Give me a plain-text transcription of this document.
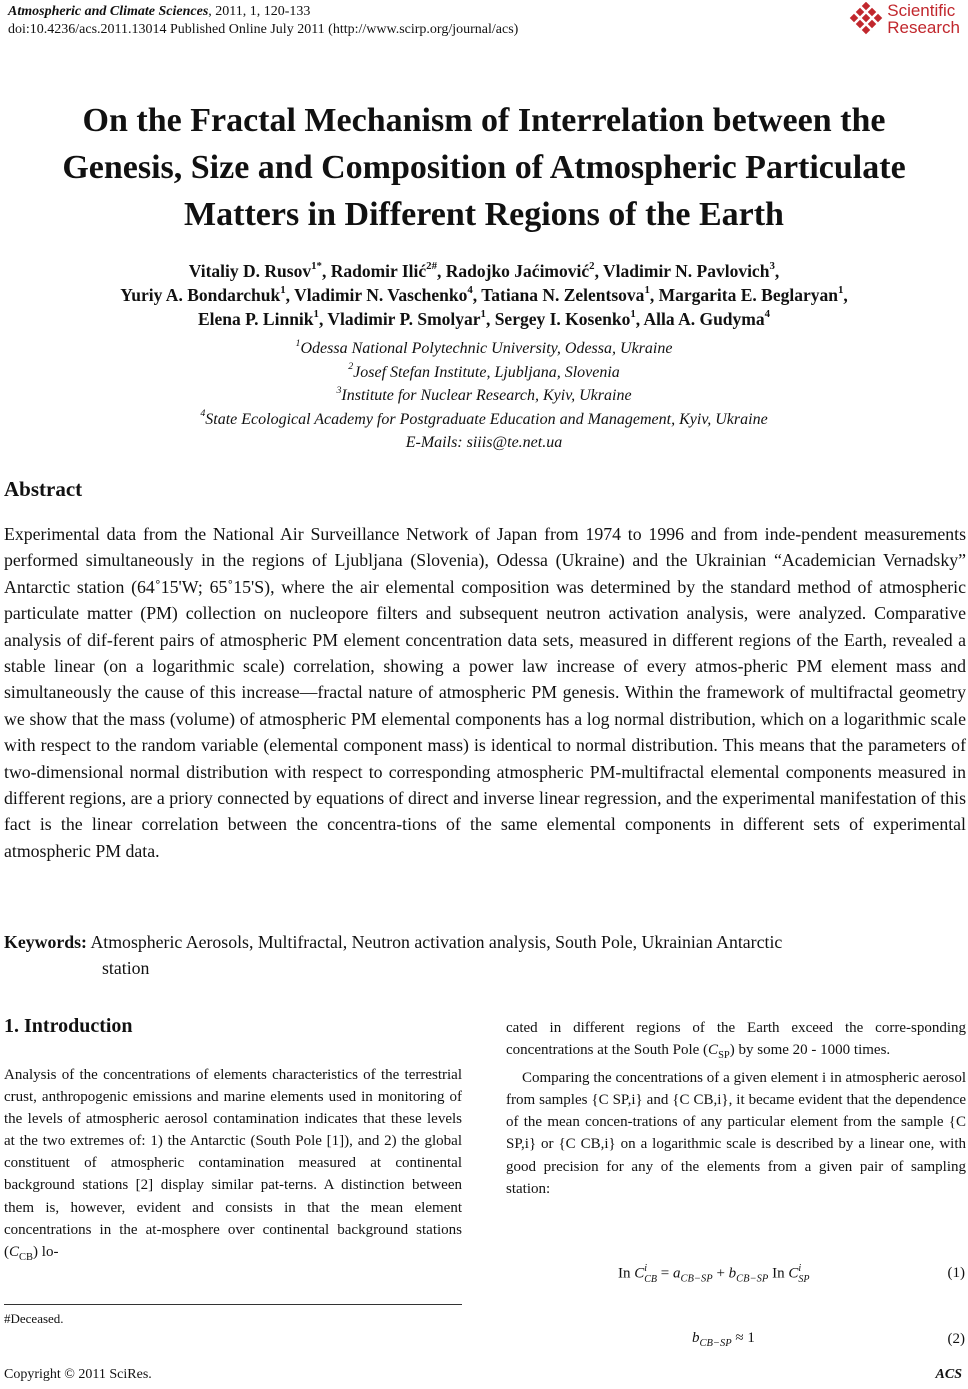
Atmospheric and Climate Sciences, 2011, 1, 120-133
doi:10.4236/acs.2011.13014 Published Online July 2011 (http://www.scirp.org/journal/acs)
Scientific
Research
On the Fractal Mechanism of Interrelation between the
Genesis, Size and Composition of Atmospheric Particulate
Matters in Different Regions of the Earth
Vitaliy D. Rusov$^{1*}$, Radomir Ilić$^{2\#}$, Radojko Jaćimović$^2$, Vladimir N. Pavlovich$^3$,
Yuriy A. Bondarchuk$^1$, Vladimir N. Vaschenko$^4$, Tatiana N. Zelentsova$^1$, Margarita E. Beglaryan$^1$,
Elena P. Linnik$^1$, Vladimir P. Smolyar$^1$, Sergey I. Kosenko$^1$, Alla A. Gudyma$^4$
$^1$Odessa National Polytechnic University, Odessa, Ukraine
$^2$Josef Stefan Institute, Ljubljana, Slovenia
$^3$Institute for Nuclear Research, Kyiv, Ukraine
$^4$State Ecological Academy for Postgraduate Education and Management, Kyiv, Ukraine
E-Mails: siiis@te.net.ua
Abstract
Experimental data from the National Air Surveillance Network of Japan from 1974 to 1996 and from inde-pendent measurements performed simultaneously in the regions of Ljubljana (Slovenia), Odessa (Ukraine) and the Ukrainian “Academician Vernadsky” Antarctic station (64˚15'W; 65˚15'S), where the air elemental composition was determined by the standard method of atmospheric particulate matter (PM) collection on nucleopore filters and subsequent neutron activation analysis, were analyzed. Comparative analysis of dif-ferent pairs of atmospheric PM element concentration data sets, measured in different regions of the Earth, revealed a stable linear (on a logarithmic scale) correlation, showing a power law increase of every atmos-pheric PM element mass and simultaneously the cause of this increase—fractal nature of atmospheric PM genesis. Within the framework of multifractal geometry we show that the mass (volume) of atmospheric PM elemental components has a log normal distribution, which on a logarithmic scale with respect to the random variable (elemental component mass) is identical to normal distribution. This means that the parameters of two-dimensional normal distribution with respect to corresponding atmospheric PM-multifractal elemental components measured in different regions, are a priory connected by equations of direct and inverse linear regression, and the experimental manifestation of this fact is the linear correlation between the concentra-tions of the same elemental components in different sets of experimental atmospheric PM data.
Keywords: Atmospheric Aerosols, Multifractal, Neutron activation analysis, South Pole, Ukrainian Antarctic
station
1. Introduction
Analysis of the concentrations of elements characteristics of the terrestrial crust, anthropogenic emissions and marine elements used in monitoring of the levels of atmospheric aerosol contamination indicates that these levels at the two extremes of: 1) the Antarctic (South Pole [1]), and 2) the global constituent of atmospheric contamination measured at continental background stations [2] display similar pat-terns. A distinction between them is, however, evident and consists in that the mean element concentrations in the at-mosphere over continental background stations $(C_{CB})$ lo-

cated in different regions of the Earth exceed the corre-sponding concentrations at the South Pole $(C_{SP})$ by some 20 - 1000 times.

Comparing the concentrations of a given element i in atmospheric aerosol from samples {C SP,i} and {C CB,i}, it became evident that the dependence of the mean concen-trations of any particular element from the sample {C SP,i} or {C CB,i} on a logarithmic scale is described by a linear one, with good precision for any of the elements from a given pair of sampling station:

In C i
CB = $a_{CB-SP} + b_{CB-SP}$ In C i
SP	(1)
$b_{CB-SP} \approx 1$	(2)
#Deceased.
Copyright © 2011 SciRes.	ACS
